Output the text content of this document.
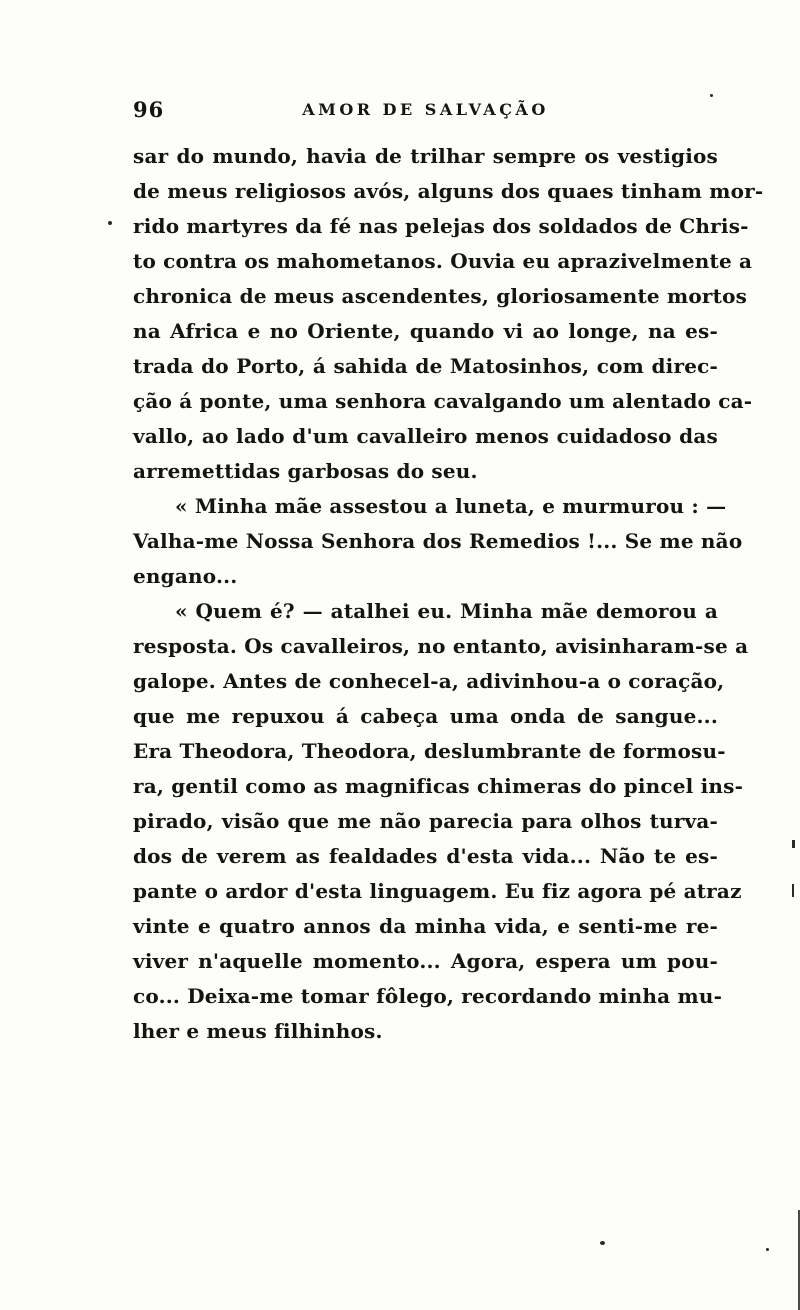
96	AMOR DE SALVAÇÃO
sar do mundo, havia de trilhar sempre os vestigios
de meus religiosos avós, alguns dos quaes tinham mor-
rido martyres da fé nas pelejas dos soldados de Chris-
to contra os mahometanos. Ouvia eu aprazivelmente a
chronica de meus ascendentes, gloriosamente mortos
na Africa e no Oriente, quando vi ao longe, na es-
trada do Porto, á sahida de Matosinhos, com direc-
ção á ponte, uma senhora cavalgando um alentado ca-
vallo, ao lado d'um cavalleiro menos cuidadoso das
arremettidas garbosas do seu.
« Minha mãe assestou a luneta, e murmurou : —
Valha-me Nossa Senhora dos Remedios !... Se me não
engano...
« Quem é? — atalhei eu. Minha mãe demorou a
resposta. Os cavalleiros, no entanto, avisinharam-se a
galope. Antes de conhecel-a, adivinhou-a o coração,
que me repuxou á cabeça uma onda de sangue...
Era Theodora, Theodora, deslumbrante de formosu-
ra, gentil como as magnificas chimeras do pincel ins-
pirado, visão que me não parecia para olhos turva-
dos de verem as fealdades d'esta vida... Não te es-
pante o ardor d'esta linguagem. Eu fiz agora pé atraz
vinte e quatro annos da minha vida, e senti-me re-
viver n'aquelle momento... Agora, espera um pou-
co... Deixa-me tomar fôlego, recordando minha mu-
lher e meus filhinhos.
